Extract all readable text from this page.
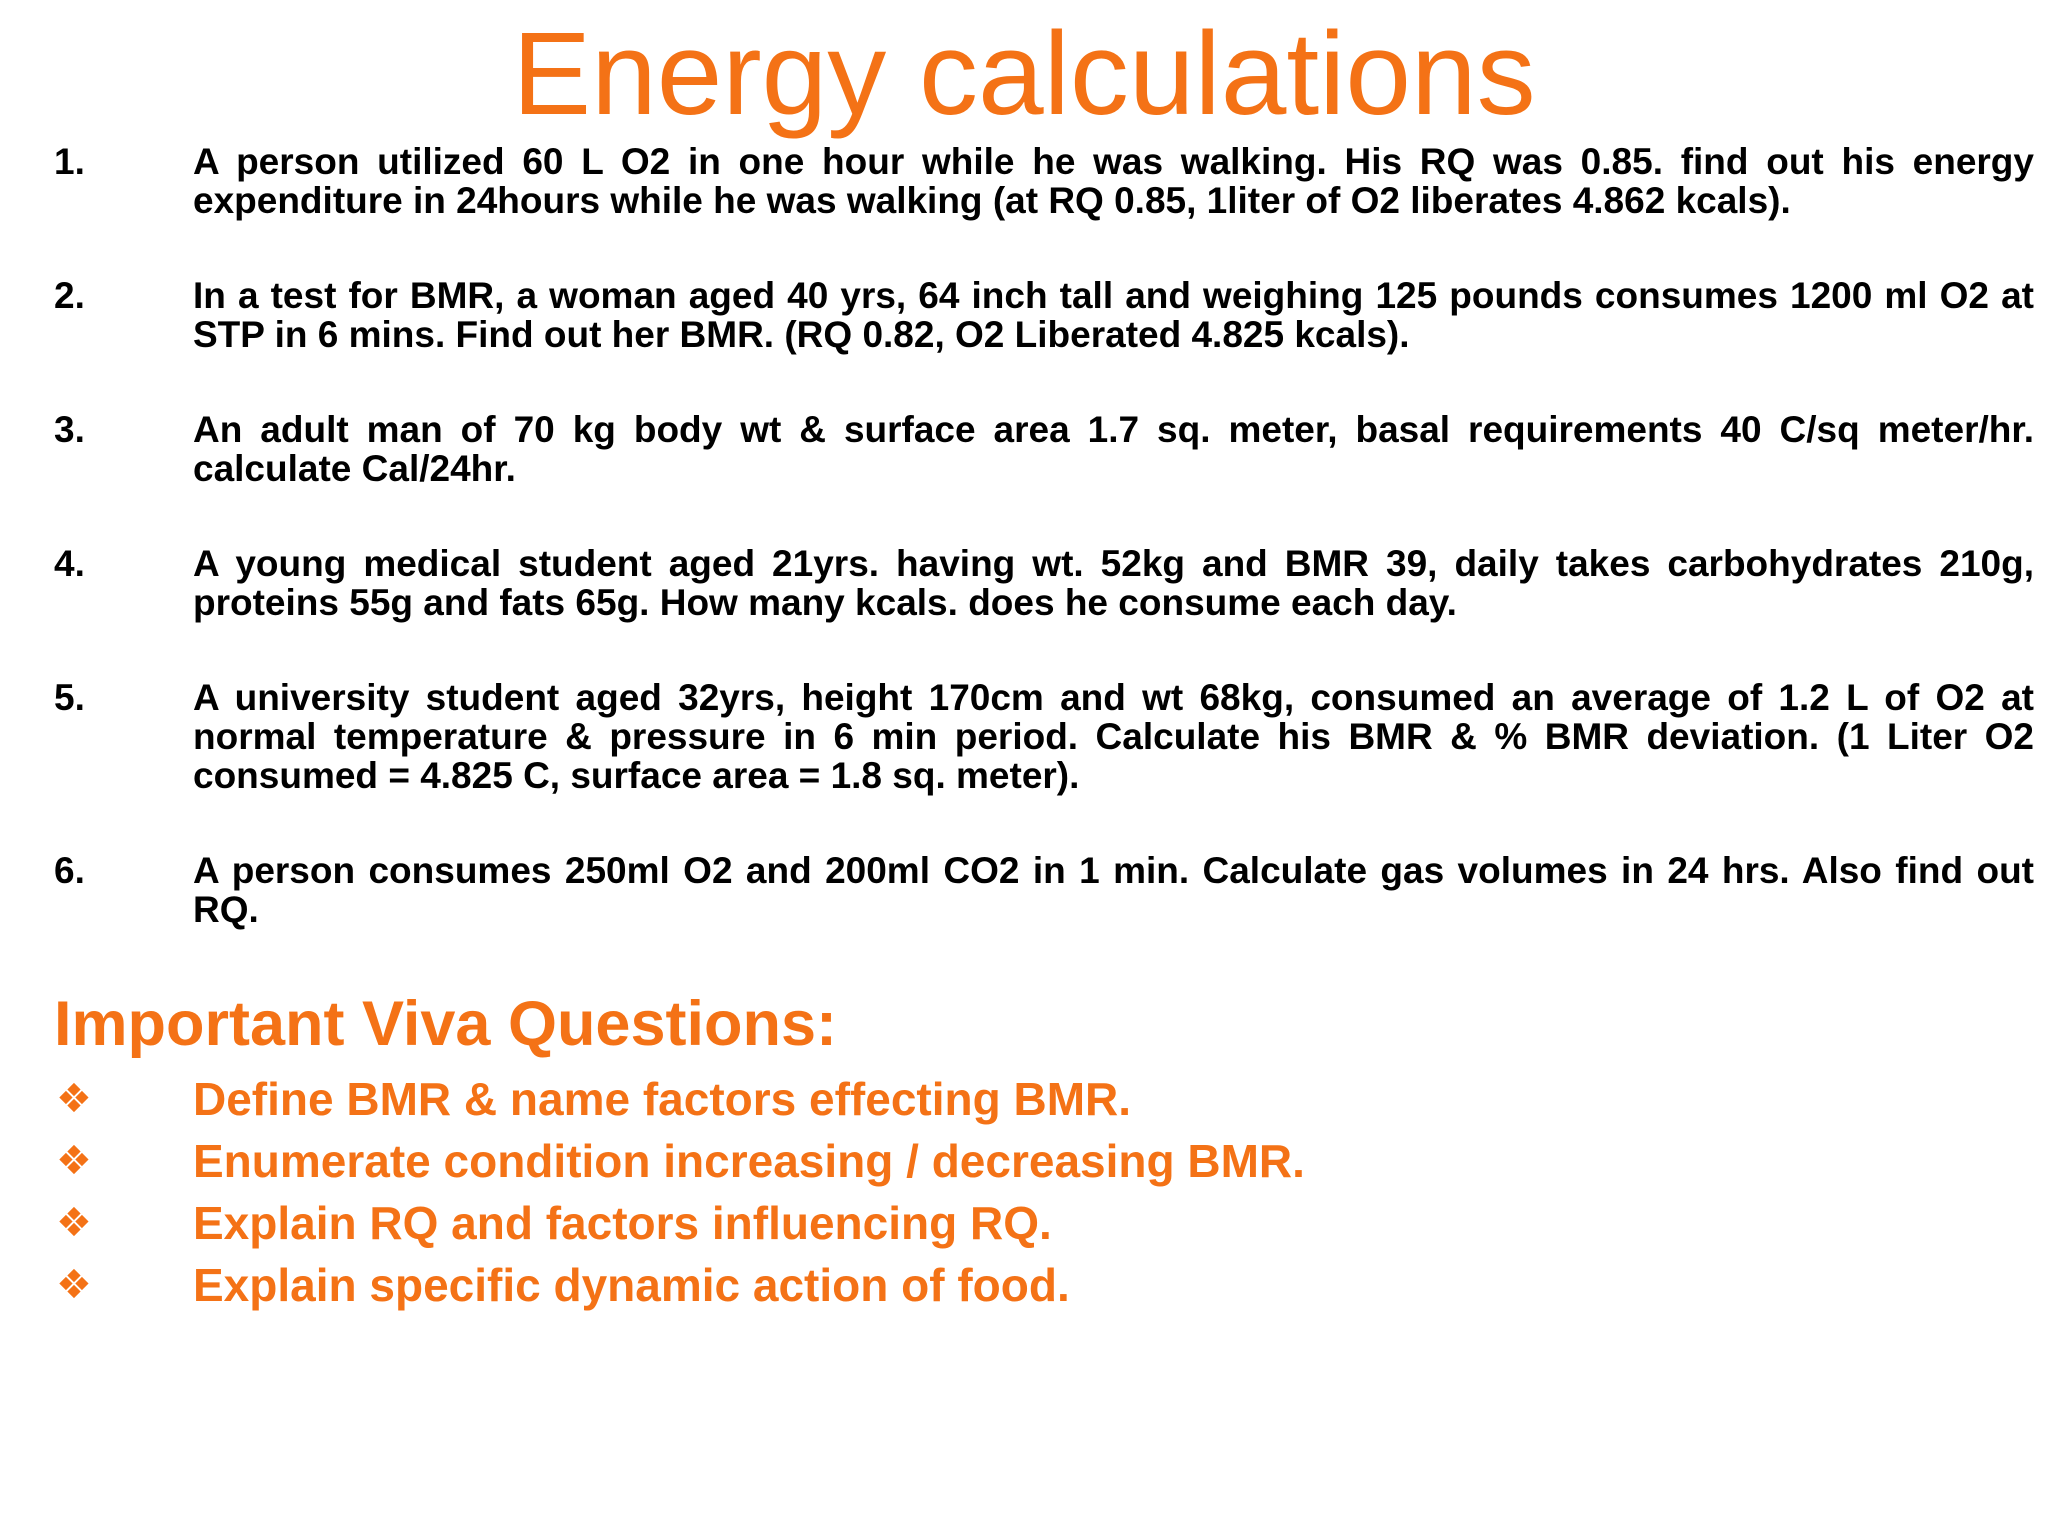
Energy calculations
1.	A person utilized 60 L O2 in one hour while he was walking. His RQ was 0.85. find out his energy expenditure in 24hours while he was walking (at RQ 0.85, 1liter of O2 liberates 4.862 kcals).
2.	In a test for BMR, a woman aged 40 yrs, 64 inch tall and weighing 125 pounds consumes 1200 ml O2 at STP in 6 mins. Find out her BMR. (RQ 0.82, O2 Liberated 4.825 kcals).
3.	An adult man of 70 kg body wt & surface area 1.7 sq. meter, basal requirements 40 C/sq meter/hr. calculate Cal/24hr.
4.	A young medical student aged 21yrs. having wt. 52kg and BMR 39, daily takes carbohydrates 210g, proteins 55g and fats 65g. How many kcals. does he consume each day.
5.	A university student aged 32yrs, height 170cm and wt 68kg, consumed an average of 1.2 L of O2 at normal temperature & pressure in 6 min period. Calculate his BMR & % BMR deviation. (1 Liter O2 consumed = 4.825 C, surface area = 1.8 sq. meter).
6.	A person consumes 250ml O2 and 200ml CO2 in 1 min. Calculate gas volumes in 24 hrs. Also find out RQ.
Important Viva Questions:
❖ Define BMR & name factors effecting BMR.
❖ Enumerate condition increasing / decreasing BMR.
❖ Explain RQ and factors influencing RQ.
❖ Explain specific dynamic action of food.
